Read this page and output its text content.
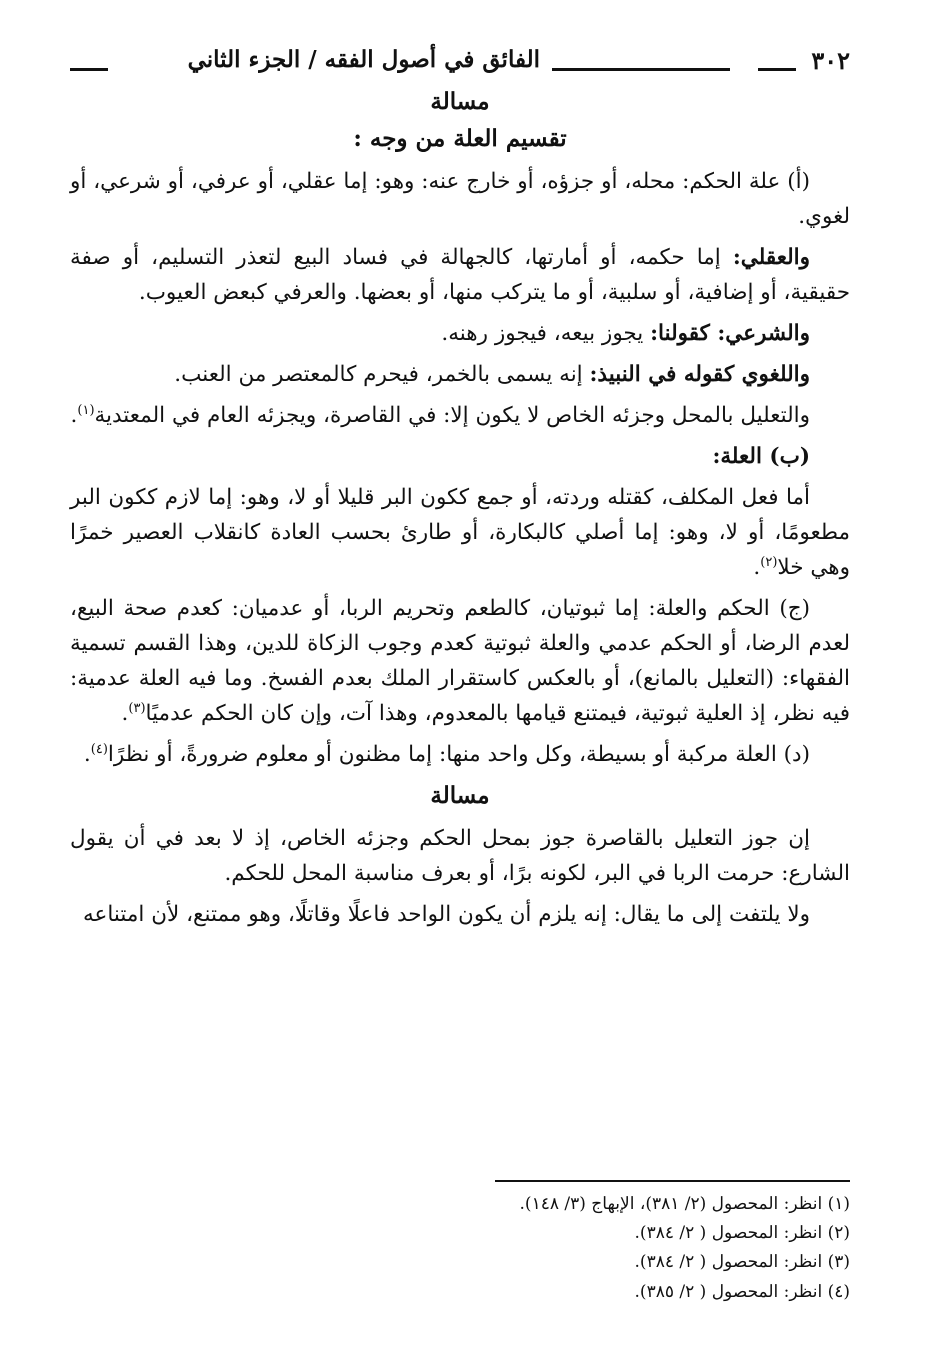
٣٠٢
الفائق في أصول الفقه / الجزء الثاني
مسالة
تقسيم العلة من وجه :

(أ) علة الحكم: محله، أو جزؤه، أو خارج عنه: وهو: إما عقلي، أو عرفي، أو شرعي، أو لغوي.

والعقلي: إما حكمه، أو أمارتها، كالجهالة في فساد البيع لتعذر التسليم، أو صفة حقيقية، أو إضافية، أو سلبية، أو ما يتركب منها، أو بعضها. والعرفي كبعض العيوب.

والشرعي: كقولنا: يجوز بيعه، فيجوز رهنه.

واللغوي كقوله في النبيذ: إنه يسمى بالخمر، فيحرم كالمعتصر من العنب.

والتعليل بالمحل وجزئه الخاص لا يكون إلا: في القاصرة، ويجزئه العام في المعتدية$^{(١)}$.

(ب) العلة:

أما فعل المكلف، كقتله وردته، أو جمع ككون البر قليلا أو لا، وهو: إما لازم ككون البر مطعومًا، أو لا، وهو: إما أصلي كالبكارة، أو طارئ بحسب العادة كانقلاب العصير خمرًا وهي خلا$^{(٢)}$.

(ج) الحكم والعلة: إما ثبوتيان، كالطعم وتحريم الربا، أو عدميان: كعدم صحة البيع، لعدم الرضا، أو الحكم عدمي والعلة ثبوتية كعدم وجوب الزكاة للدين، وهذا القسم تسمية الفقهاء: (التعليل بالمانع)، أو بالعكس كاستقرار الملك بعدم الفسخ. وما فيه العلة عدمية: فيه نظر، إذ العلية ثبوتية، فيمتنع قيامها بالمعدوم، وهذا آت، وإن كان الحكم عدميًا$^{(٣)}$.

(د) العلة مركبة أو بسيطة، وكل واحد منها: إما مظنون أو معلوم ضرورةً، أو نظرًا$^{(٤)}$.

مسالة

إن جوز التعليل بالقاصرة جوز بمحل الحكم وجزئه الخاص، إذ لا بعد في أن يقول الشارع: حرمت الربا في البر، لكونه برًا، أو بعرف مناسبة المحل للحكم.

ولا يلتفت إلى ما يقال: إنه يلزم أن يكون الواحد فاعلًا وقاتلًا، وهو ممتنع، لأن امتناعه

(١) انظر: المحصول (٢/ ٣٨١)، الإبهاج (٣/ ١٤٨).

(٢) انظر: المحصول ( ٢/ ٣٨٤).

(٣) انظر: المحصول ( ٢/ ٣٨٤).

(٤) انظر: المحصول ( ٢/ ٣٨٥).
